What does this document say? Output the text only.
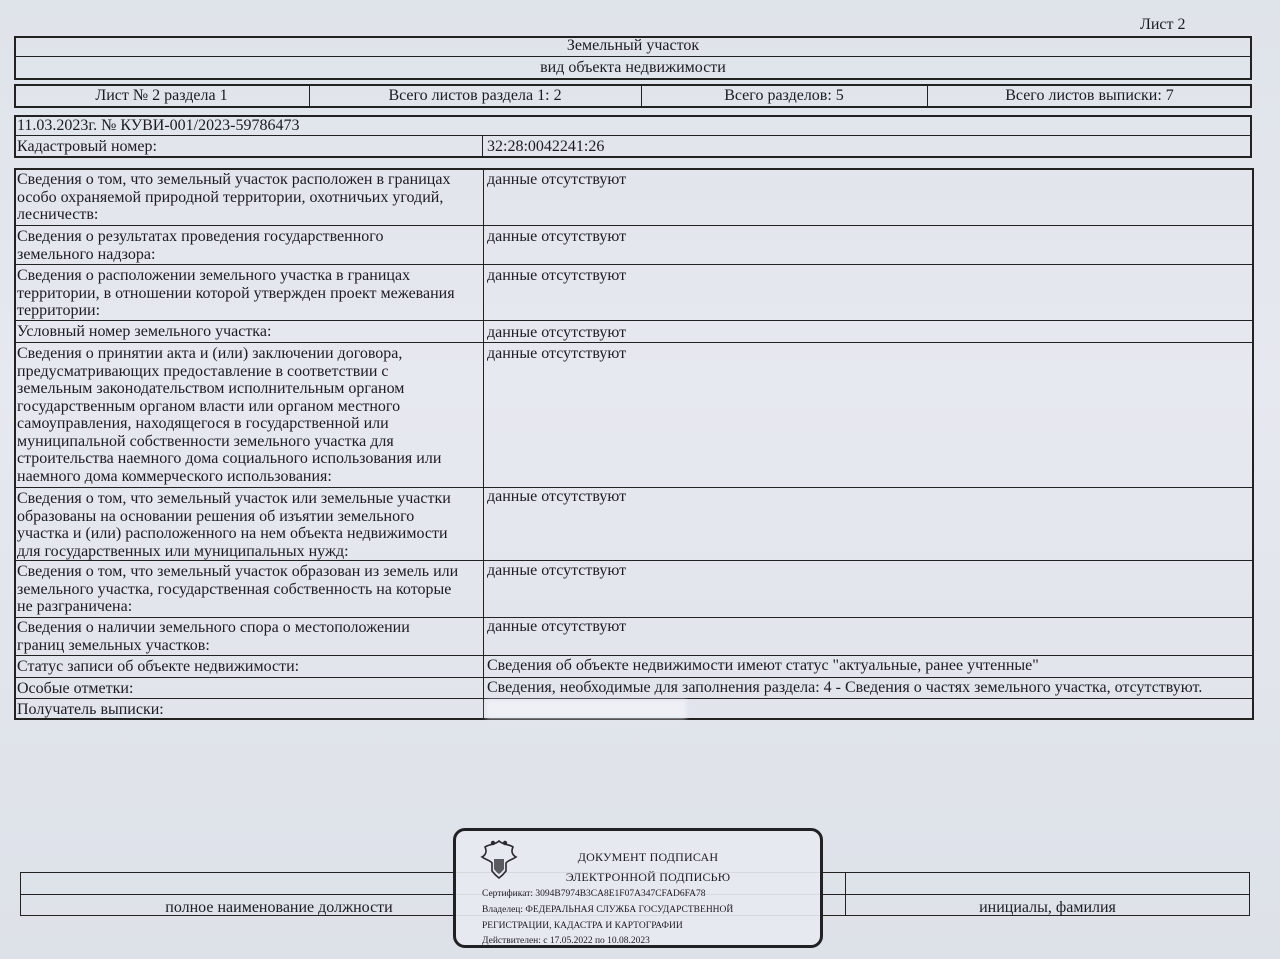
Лист 2
Земельный участок
вид объекта недвижимости
Лист № 2 раздела 1	Всего листов раздела 1: 2	Всего разделов: 5	Всего листов выписки: 7
11.03.2023г. № КУВИ-001/2023-59786473
Кадастровый номер:	32:28:0042241:26
Сведения о том, что земельный участок расположен в границах
особо охраняемой природной территории, охотничьих угодий,
лесничеств:
данные отсутствуют
Сведения о результатах проведения государственного
земельного надзора:
данные отсутствуют
Сведения о расположении земельного участка в границах
территории, в отношении которой утвержден проект межевания
территории:
данные отсутствуют
Условный номер земельного участка:	данные отсутствуют
Сведения о принятии акта и (или) заключении договора,
предусматривающих предоставление в соответствии с
земельным законодательством исполнительным органом
государственным органом власти или органом местного
самоуправления, находящегося в государственной или
муниципальной собственности земельного участка для
строительства наемного дома социального использования или
наемного дома коммерческого использования:
данные отсутствуют
Сведения о том, что земельный участок или земельные участки
образованы на основании решения об изъятии земельного
участка и (или) расположенного на нем объекта недвижимости
для государственных или муниципальных нужд:
данные отсутствуют
Сведения о том, что земельный участок образован из земель или
земельного участка, государственная собственность на которые
не разграничена:
данные отсутствуют
Сведения о наличии земельного спора о местоположении
границ земельных участков:
данные отсутствуют
Статус записи об объекте недвижимости:	Сведения об объекте недвижимости имеют статус "актуальные, ранее учтенные"
Особые отметки:	Сведения, необходимые для заполнения раздела: 4 - Сведения о частях земельного участка, отсутствуют.
Получатель выписки:
полное наименование должности	инициалы, фамилия
ДОКУМЕНТ ПОДПИСАН
ЭЛЕКТРОННОЙ ПОДПИСЬЮ
Сертификат: 3094B7974B3CA8E1F07A347CFAD6FA78
Владелец: ФЕДЕРАЛЬНАЯ СЛУЖБА ГОСУДАРСТВЕННОЙ
РЕГИСТРАЦИИ, КАДАСТРА И КАРТОГРАФИИ
Действителен: с 17.05.2022 по 10.08.2023
